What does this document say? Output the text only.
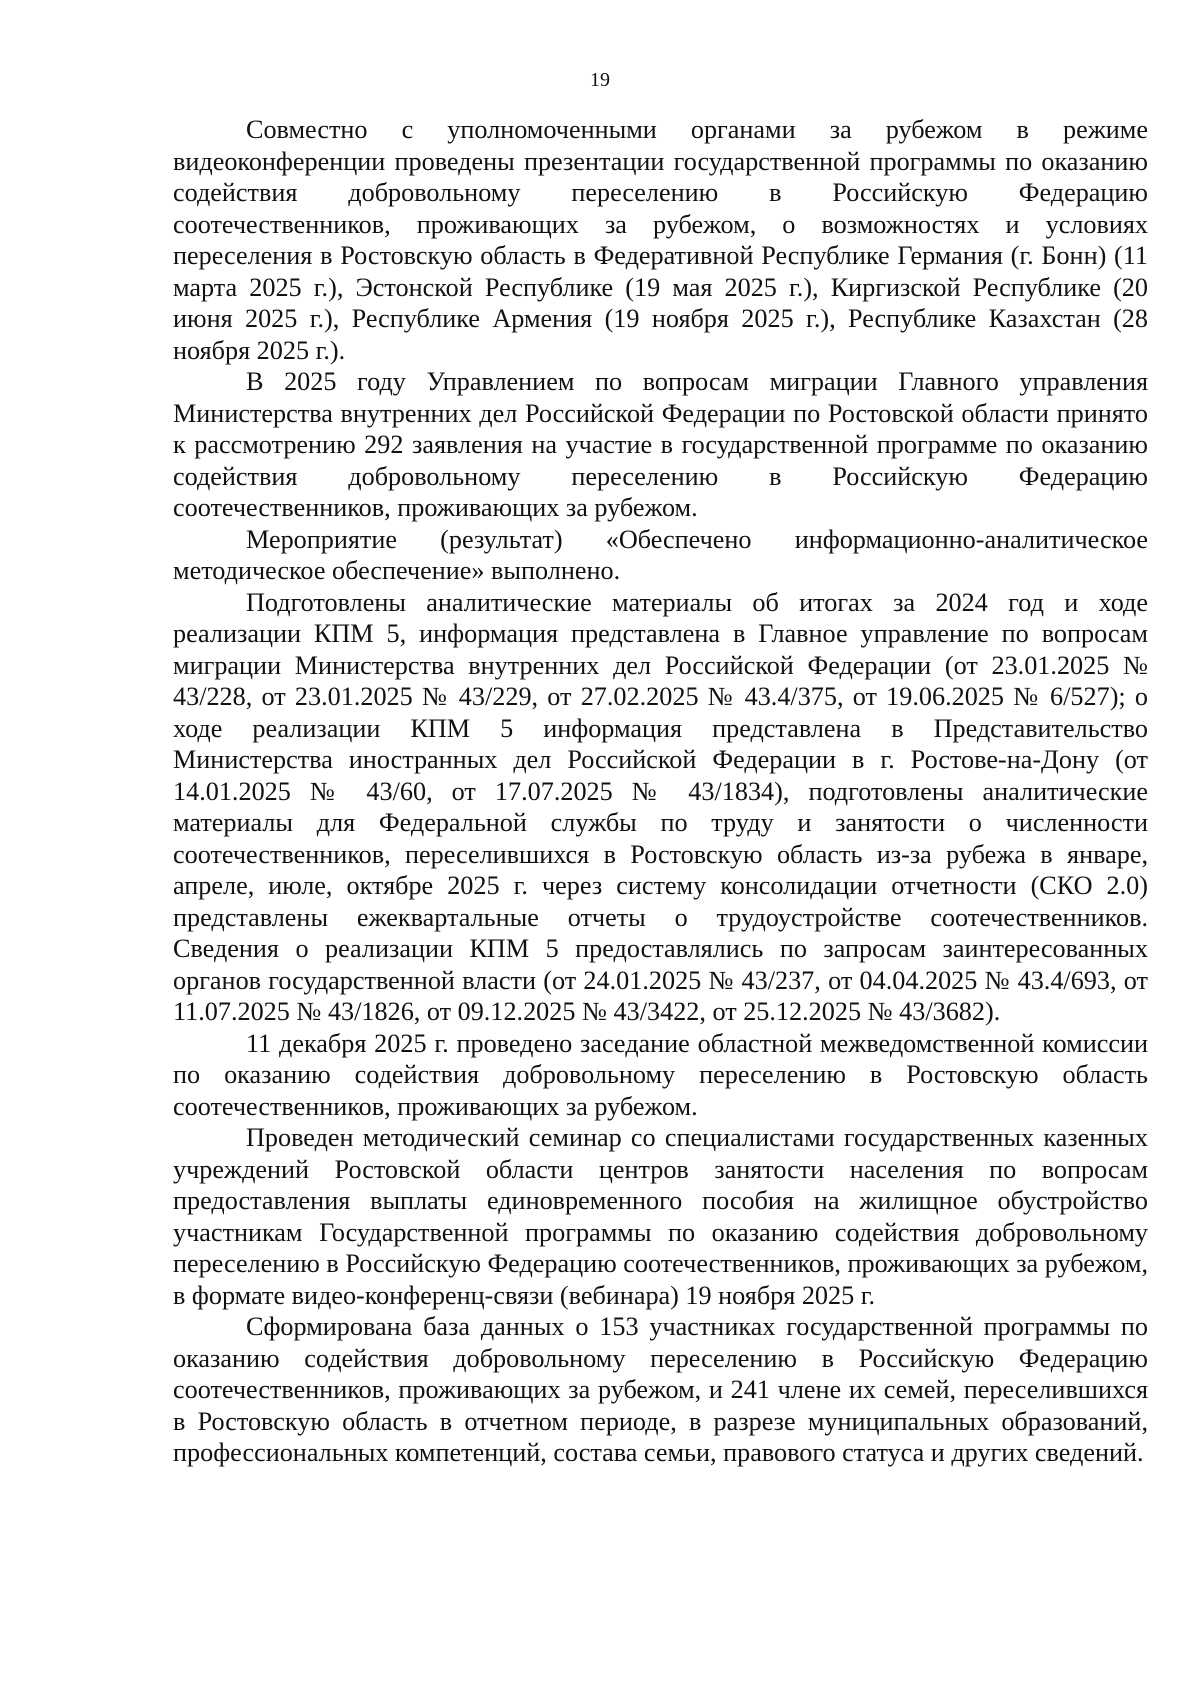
19

Совместно с уполномоченными органами за рубежом в режиме видеоконференции проведены презентации государственной программы по оказанию содействия добровольному переселению в Российскую Федерацию соотечественников, проживающих за рубежом, о возможностях и условиях переселения в Ростовскую область в Федеративной Республике Германия (г. Бонн) (11 марта 2025 г.), Эстонской Республике (19 мая 2025 г.), Киргизской Республике (20 июня 2025 г.), Республике Армения (19 ноября 2025 г.), Республике Казахстан (28 ноября 2025 г.).

В 2025 году Управлением по вопросам миграции Главного управления Министерства внутренних дел Российской Федерации по Ростовской области принято к рассмотрению 292 заявления на участие в государственной программе по оказанию содействия добровольному переселению в Российскую Федерацию соотечественников, проживающих за рубежом.

Мероприятие (результат) «Обеспечено информационно-аналитическое методическое обеспечение» выполнено.

Подготовлены аналитические материалы об итогах за 2024 год и ходе реализации КПМ 5, информация представлена в Главное управление по вопросам миграции Министерства внутренних дел Российской Федерации (от 23.01.2025 № 43/228, от 23.01.2025 № 43/229, от 27.02.2025 № 43.4/375, от 19.06.2025 № 6/527); о ходе реализации КПМ 5 информация представлена в Представительство Министерства иностранных дел Российской Федерации в г. Ростове-на-Дону (от 14.01.2025 № 43/60, от 17.07.2025 № 43/1834), подготовлены аналитические материалы для Федеральной службы по труду и занятости о численности соотечественников, переселившихся в Ростовскую область из-за рубежа в январе, апреле, июле, октябре 2025 г. через систему консолидации отчетности (СКО 2.0) представлены ежеквартальные отчеты о трудоустройстве соотечественников. Сведения о реализации КПМ 5 предоставлялись по запросам заинтересованных органов государственной власти (от 24.01.2025 № 43/237, от 04.04.2025 № 43.4/693, от 11.07.2025 № 43/1826, от 09.12.2025 № 43/3422, от 25.12.2025 № 43/3682).

11 декабря 2025 г. проведено заседание областной межведомственной комиссии по оказанию содействия добровольному переселению в Ростовскую область соотечественников, проживающих за рубежом.

Проведен методический семинар со специалистами государственных казенных учреждений Ростовской области центров занятости населения по вопросам предоставления выплаты единовременного пособия на жилищное обустройство участникам Государственной программы по оказанию содействия добровольному переселению в Российскую Федерацию соотечественников, проживающих за рубежом, в формате видео-конференц-связи (вебинара) 19 ноября 2025 г.

Сформирована база данных о 153 участниках государственной программы по оказанию содействия добровольному переселению в Российскую Федерацию соотечественников, проживающих за рубежом, и 241 члене их семей, переселившихся в Ростовскую область в отчетном периоде, в разрезе муниципальных образований, профессиональных компетенций, состава семьи, правового статуса и других сведений.
